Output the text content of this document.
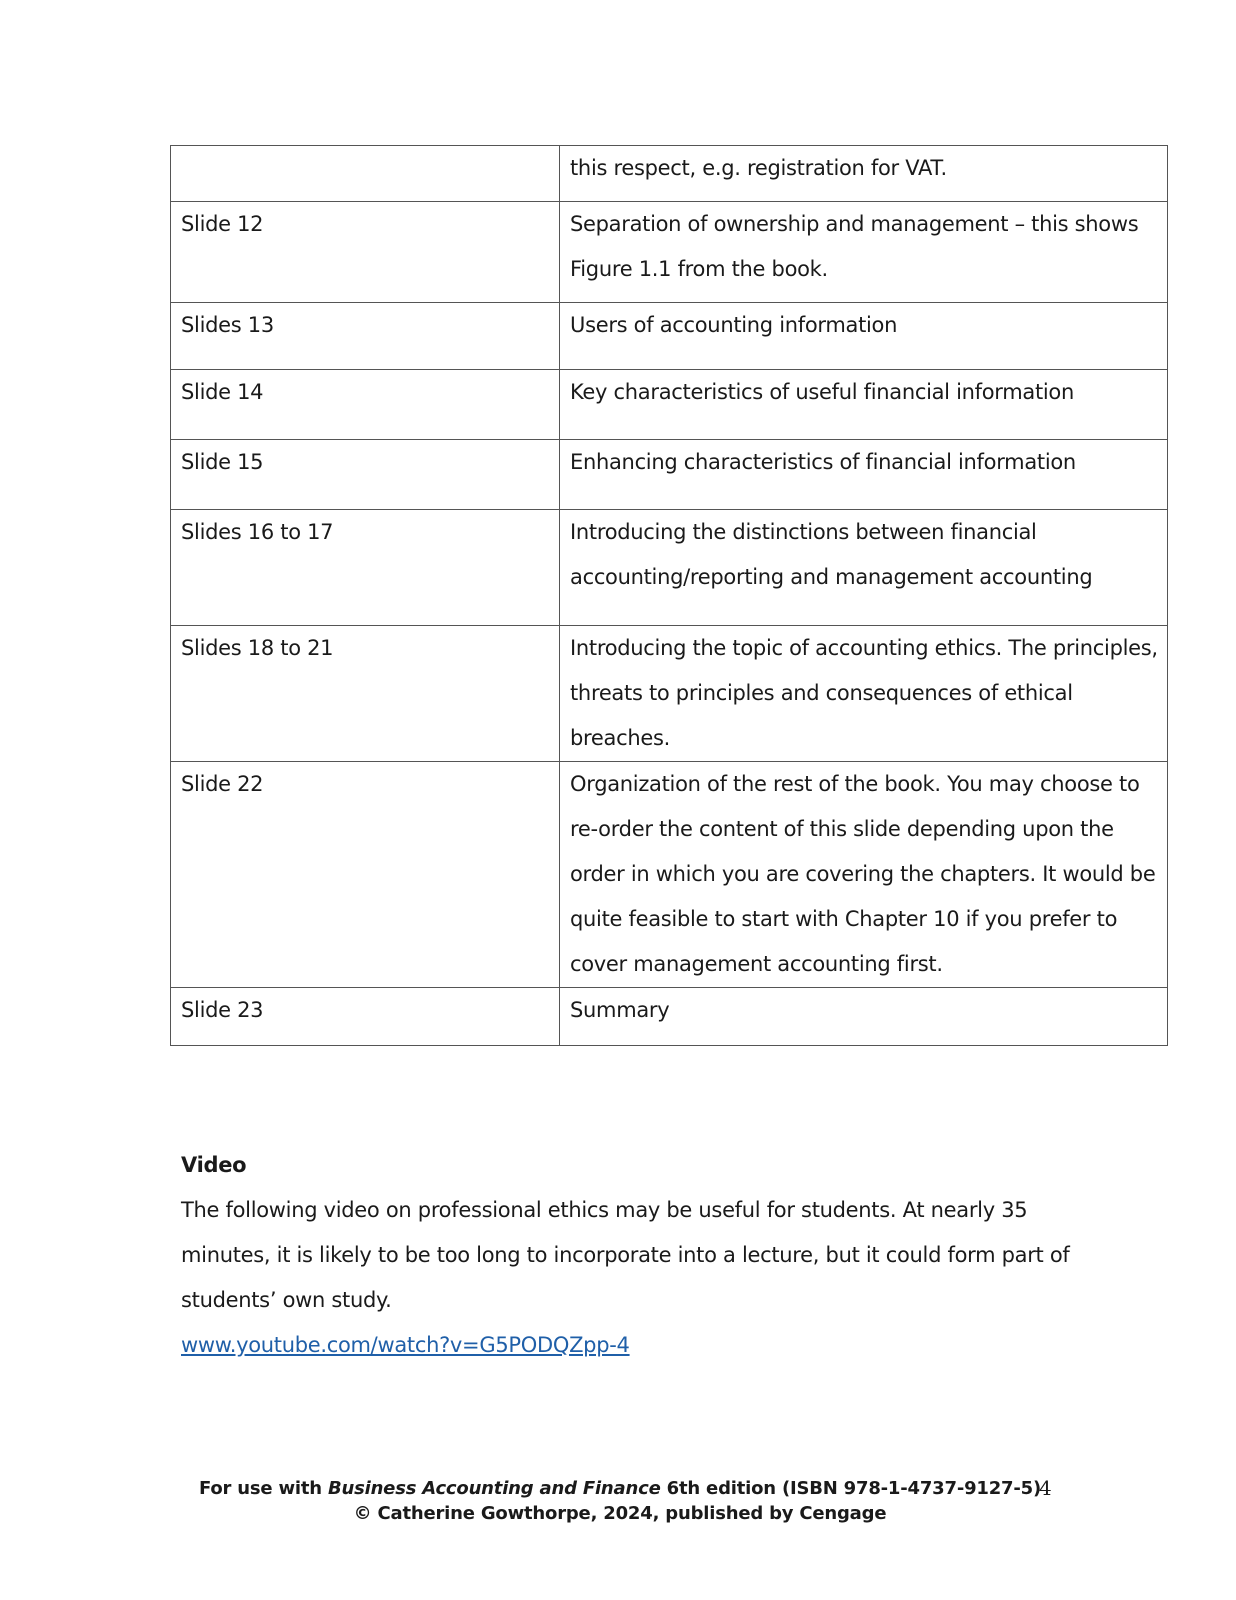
	this respect, e.g. registration for VAT.
Slide 12	Separation of ownership and management – this shows Figure 1.1 from the book.
Slides 13	Users of accounting information
Slide 14	Key characteristics of useful financial information
Slide 15	Enhancing characteristics of financial information
Slides 16 to 17	Introducing the distinctions between financial accounting/reporting and management accounting
Slides 18 to 21	Introducing the topic of accounting ethics. The principles, threats to principles and consequences of ethical breaches.
Slide 22	Organization of the rest of the book. You may choose to re-order the content of this slide depending upon the order in which you are covering the chapters. It would be quite feasible to start with Chapter 10 if you prefer to cover management accounting first.
Slide 23	Summary
Video

The following video on professional ethics may be useful for students. At nearly 35 minutes, it is likely to be too long to incorporate into a lecture, but it could form part of students’ own study.

www.youtube.com/watch?v=G5PODQZpp-4
For use with Business Accounting and Finance 6th edition (ISBN 978-1-4737-9127-5)
© Catherine Gowthorpe, 2024, published by Cengage
4
